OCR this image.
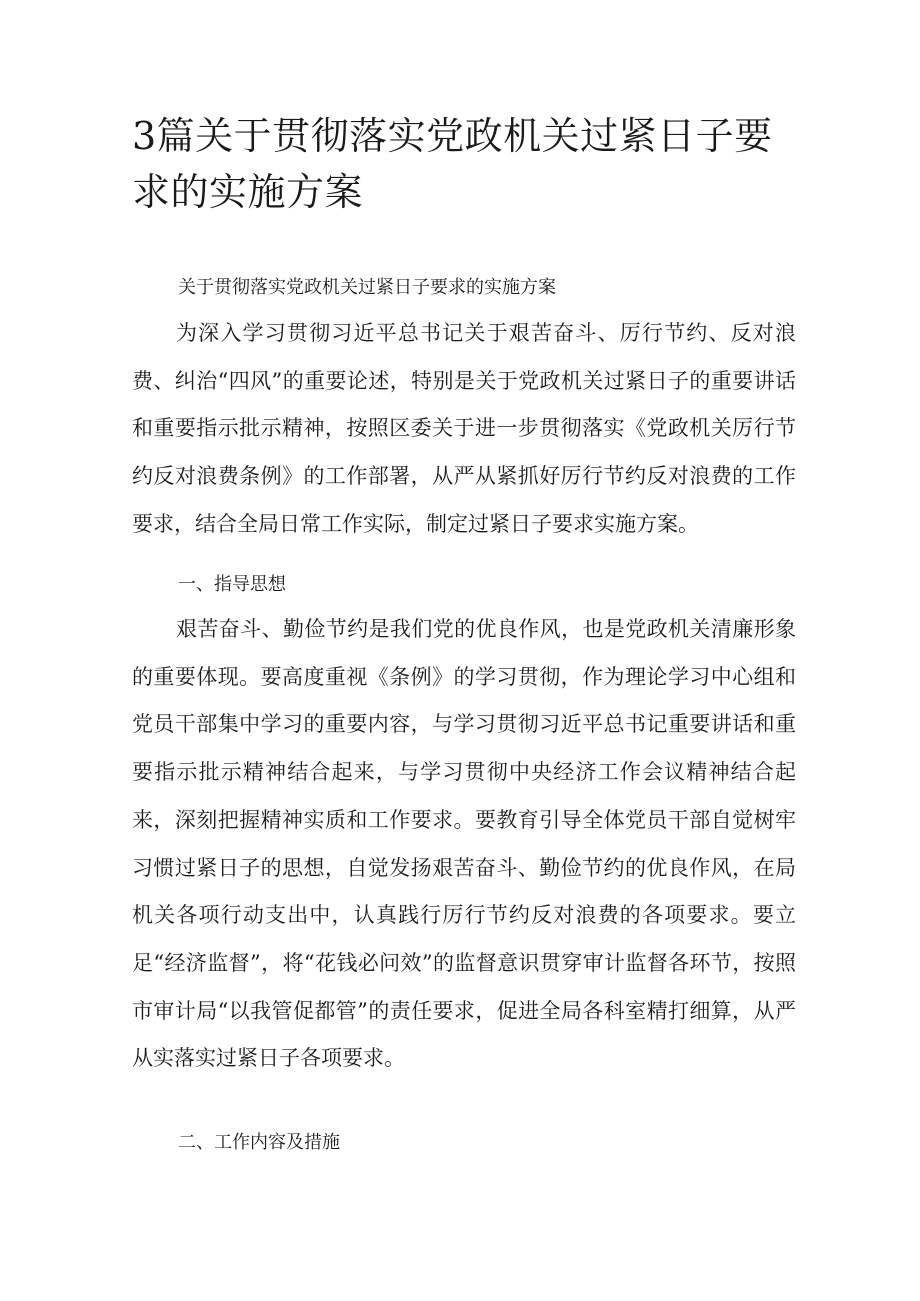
3篇关于贯彻落实党政机关过紧日子要求的实施方案
关于贯彻落实党政机关过紧日子要求的实施方案

为深入学习贯彻习近平总书记关于艰苦奋斗、厉行节约、反对浪费、纠治“四风”的重要论述，特别是关于党政机关过紧日子的重要讲话和重要指示批示精神，按照区委关于进一步贯彻落实《党政机关厉行节约反对浪费条例》的工作部署，从严从紧抓好厉行节约反对浪费的工作要求，结合全局日常工作实际，制定过紧日子要求实施方案。

一、指导思想

艰苦奋斗、勤俭节约是我们党的优良作风，也是党政机关清廉形象的重要体现。要高度重视《条例》的学习贯彻，作为理论学习中心组和党员干部集中学习的重要内容，与学习贯彻习近平总书记重要讲话和重要指示批示精神结合起来，与学习贯彻中央经济工作会议精神结合起来，深刻把握精神实质和工作要求。要教育引导全体党员干部自觉树牢习惯过紧日子的思想，自觉发扬艰苦奋斗、勤俭节约的优良作风，在局机关各项行动支出中，认真践行厉行节约反对浪费的各项要求。要立足“经济监督”，将“花钱必问效”的监督意识贯穿审计监督各环节，按照市审计局“以我管促都管”的责任要求，促进全局各科室精打细算，从严从实落实过紧日子各项要求。

二、工作内容及措施
